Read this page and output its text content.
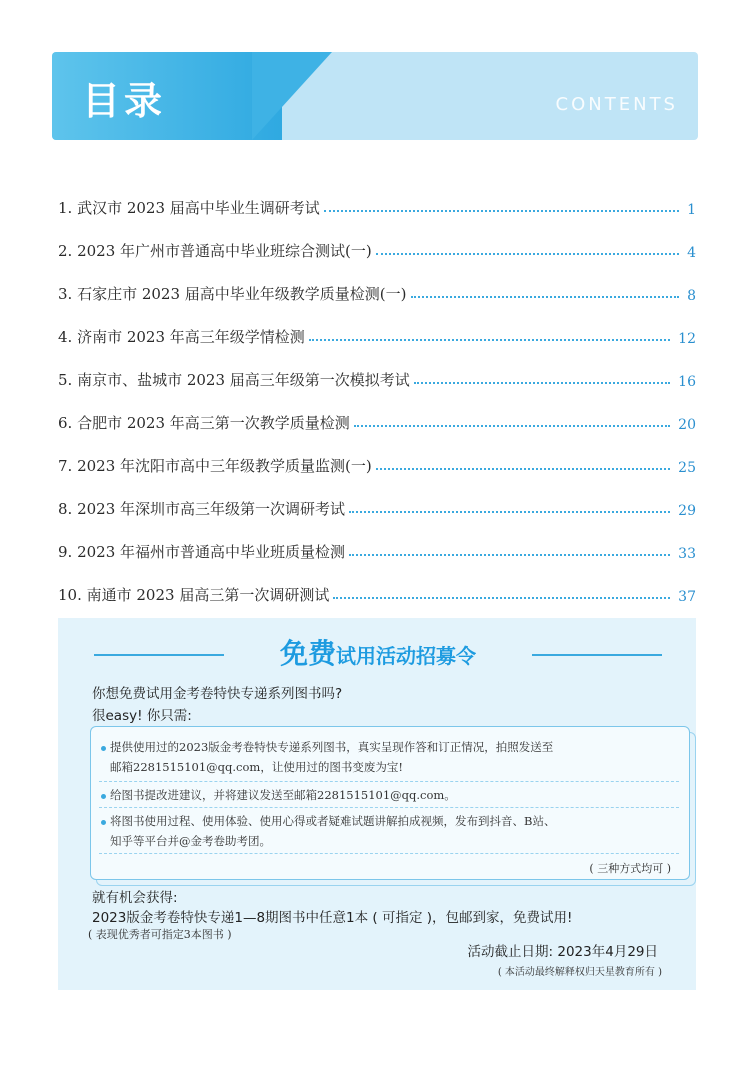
目录	CONTENTS
1. 武汉市 2023 届高中毕业生调研考试	1
2. 2023 年广州市普通高中毕业班综合测试(一)	4
3. 石家庄市 2023 届高中毕业年级教学质量检测(一)	8
4. 济南市 2023 年高三年级学情检测	12
5. 南京市、盐城市 2023 届高三年级第一次模拟考试	16
6. 合肥市 2023 年高三第一次教学质量检测	20
7. 2023 年沈阳市高中三年级教学质量监测(一)	25
8. 2023 年深圳市高三年级第一次调研考试	29
9. 2023 年福州市普通高中毕业班质量检测	33
10. 南通市 2023 届高三第一次调研测试	37
免费试用活动招募令
你想免费试用金考卷特快专递系列图书吗?
很easy! 你只需:
提供使用过的2023版金考卷特快专递系列图书，真实呈现作答和订正情况，拍照发送至
邮箱2281515101@qq.com，让使用过的图书变废为宝!
给图书提改进建议，并将建议发送至邮箱2281515101@qq.com。
将图书使用过程、使用体验、使用心得或者疑难试题讲解拍成视频，发布到抖音、B站、
知乎等平台并@金考卷助考团。
( 三种方式均可 )
就有机会获得:
2023版金考卷特快专递1—8期图书中任意1本 ( 可指定 )，包邮到家，免费试用!
( 表现优秀者可指定3本图书 )
活动截止日期: 2023年4月29日
( 本活动最终解释权归天星教育所有 )
